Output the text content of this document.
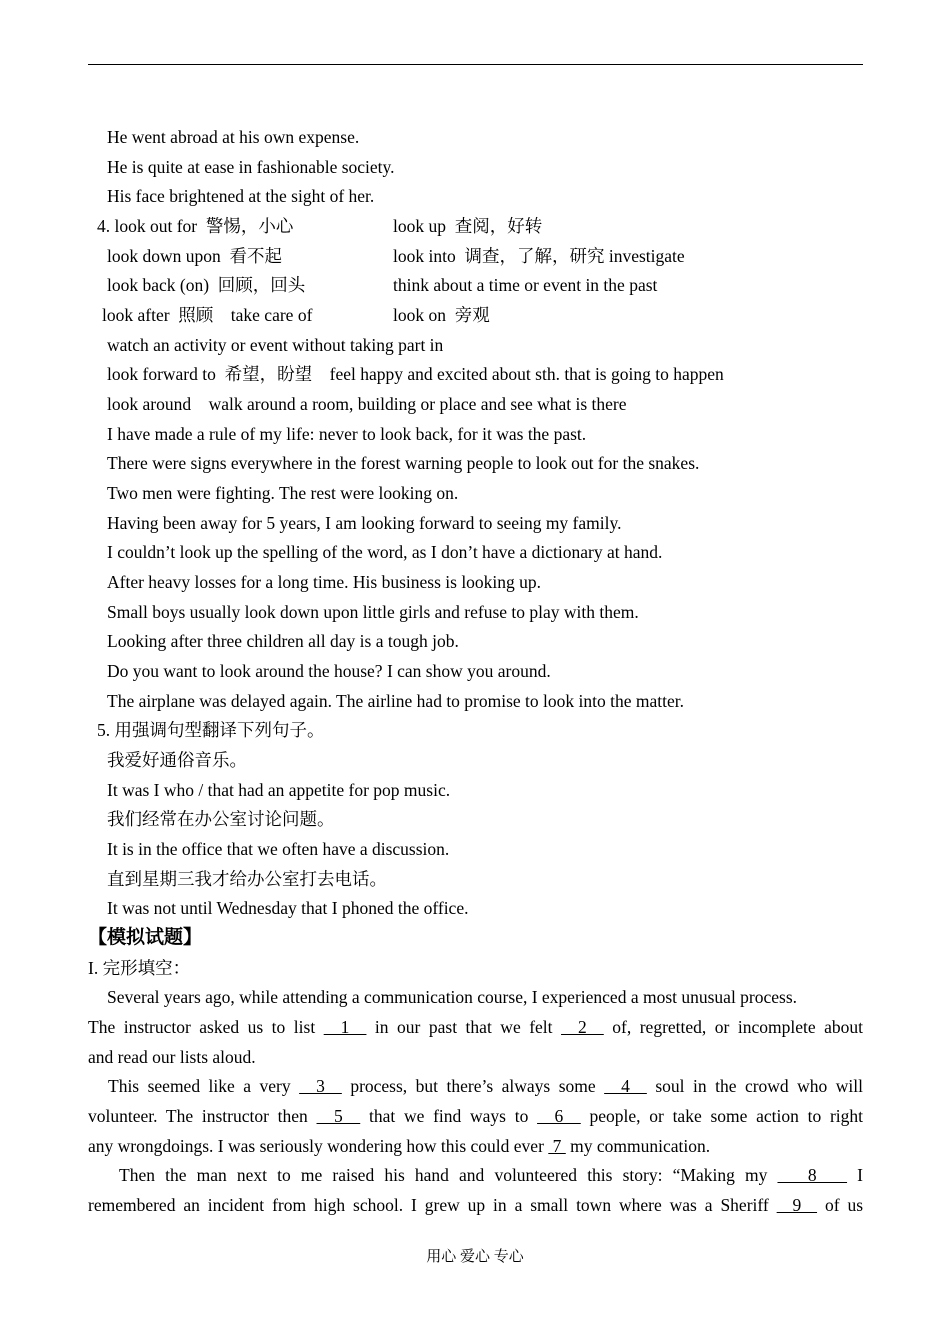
He went abroad at his own expense.
He is quite at ease in fashionable society.
His face brightened at the sight of her.
4. look out for  警惕，小心	look up  查阅，好转
look down upon  看不起	look into  调查，了解，研究 investigate
look back (on)  回顾，回头	think about a time or event in the past
look after  照顾    take care of	look on  旁观
watch an activity or event without taking part in
look forward to  希望，盼望    feel happy and excited about sth. that is going to happen
look around    walk around a room, building or place and see what is there
I have made a rule of my life: never to look back, for it was the past.
There were signs everywhere in the forest warning people to look out for the snakes.
Two men were fighting. The rest were looking on.
Having been away for 5 years, I am looking forward to seeing my family.
I couldn’t look up the spelling of the word, as I don’t have a dictionary at hand.
After heavy losses for a long time. His business is looking up.
Small boys usually look down upon little girls and refuse to play with them.
Looking after three children all day is a tough job.
Do you want to look around the house? I can show you around.
The airplane was delayed again. The airline had to promise to look into the matter.
5. 用强调句型翻译下列句子。
我爱好通俗音乐。
It was I who / that had an appetite for pop music.
我们经常在办公室讨论问题。
It is in the office that we often have a discussion.
直到星期三我才给办公室打去电话。
It was not until Wednesday that I phoned the office.
【模拟试题】
I. 完形填空：
Several years ago, while attending a communication course, I experienced a most unusual process.
The instructor asked us to list   1   in our past that we felt   2   of, regretted, or incomplete about
and read our lists aloud.
This seemed like a very   3   process, but there’s always some   4   soul in the crowd who will
volunteer. The instructor then   5   that we find ways to   6   people, or take some action to right
any wrongdoings. I was seriously wondering how this could ever  7  my communication.
Then the man next to me raised his hand and volunteered this story: “Making my    8    I
remembered an incident from high school. I grew up in a small town where was a Sheriff   9   of us
用心 爱心 专心
